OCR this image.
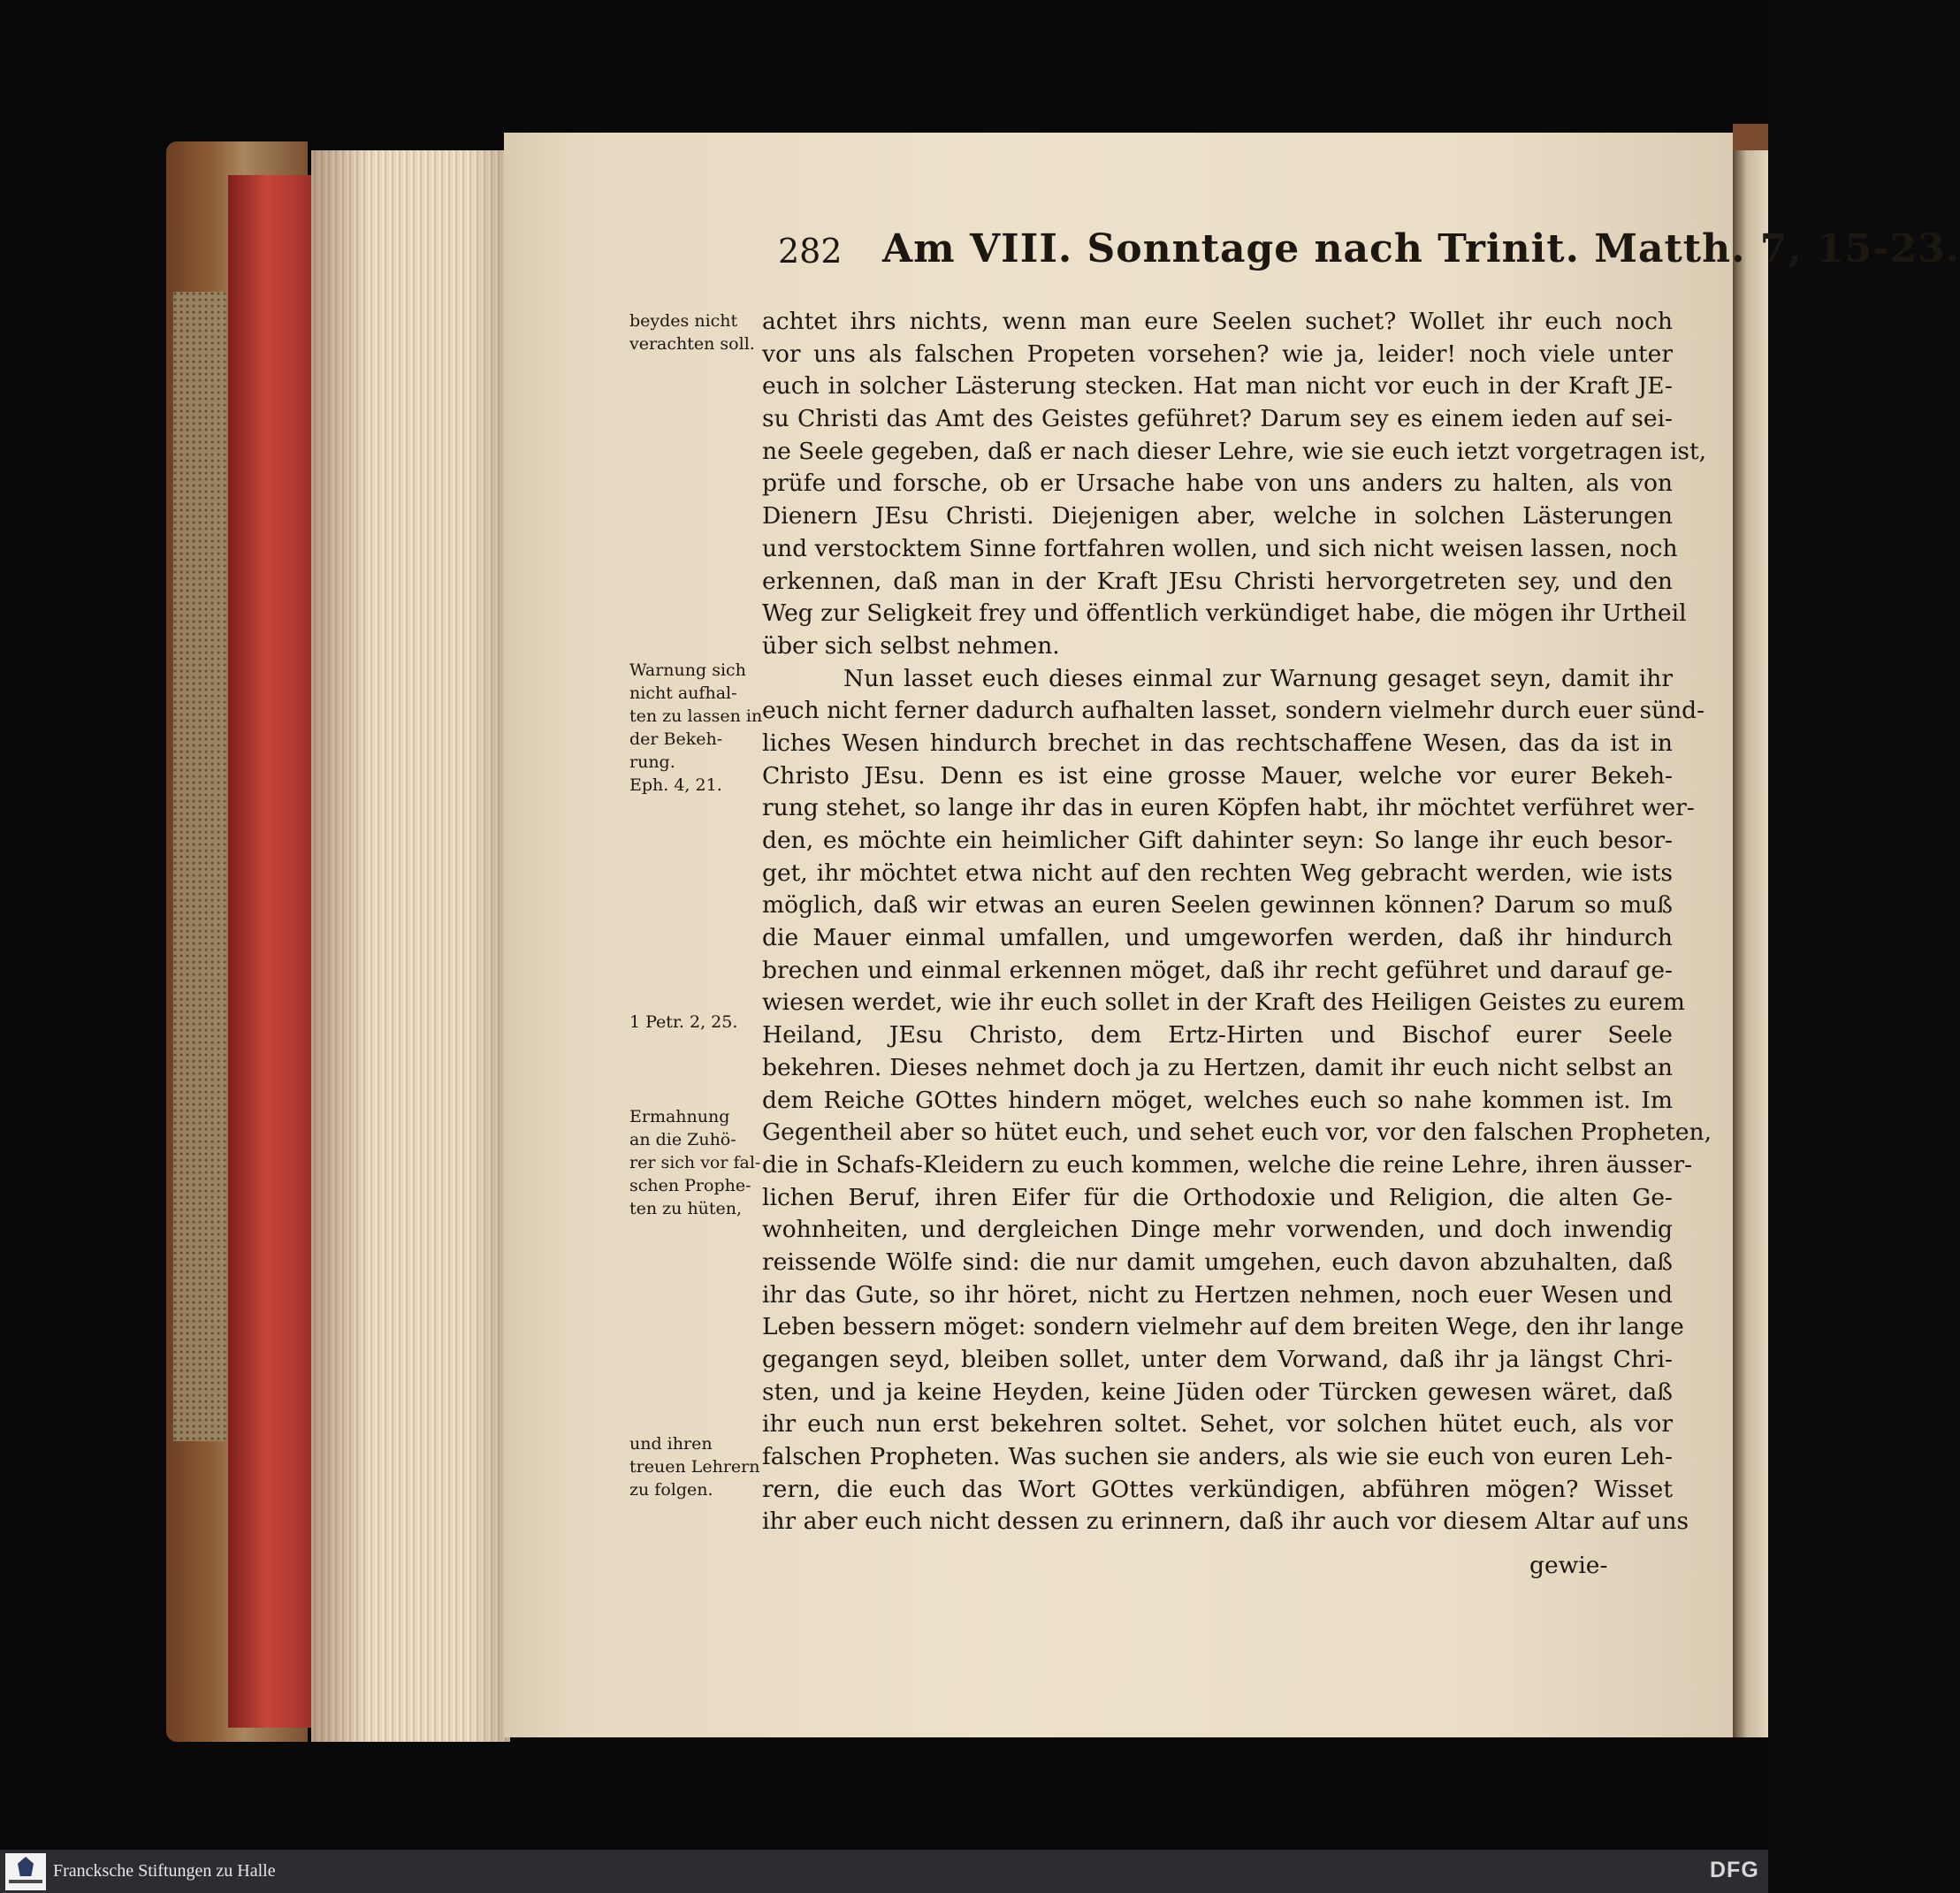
282 Am VIII. Sonntage nach Trinit. Matth. 7, 15-23.
achtet ihrs nichts, wenn man eure Seelen suchet? Wollet ihr euch noch
vor uns als falschen Propeten vorsehen? wie ja, leider! noch viele unter
euch in solcher Lästerung stecken. Hat man nicht vor euch in der Kraft JE-
su Christi das Amt des Geistes geführet? Darum sey es einem ieden auf sei-
ne Seele gegeben, daß er nach dieser Lehre, wie sie euch ietzt vorgetragen ist,
prüfe und forsche, ob er Ursache habe von uns anders zu halten, als von
Dienern JEsu Christi. Diejenigen aber, welche in solchen Lästerungen
und verstocktem Sinne fortfahren wollen, und sich nicht weisen lassen, noch
erkennen, daß man in der Kraft JEsu Christi hervorgetreten sey, und den
Weg zur Seligkeit frey und öffentlich verkündiget habe, die mögen ihr Urtheil
über sich selbst nehmen.
Nun lasset euch dieses einmal zur Warnung gesaget seyn, damit ihr
euch nicht ferner dadurch aufhalten lasset, sondern vielmehr durch euer sünd-
liches Wesen hindurch brechet in das rechtschaffene Wesen, das da ist in
Christo JEsu. Denn es ist eine grosse Mauer, welche vor eurer Bekeh-
rung stehet, so lange ihr das in euren Köpfen habt, ihr möchtet verführet wer-
den, es möchte ein heimlicher Gift dahinter seyn: So lange ihr euch besor-
get, ihr möchtet etwa nicht auf den rechten Weg gebracht werden, wie ists
möglich, daß wir etwas an euren Seelen gewinnen können? Darum so muß
die Mauer einmal umfallen, und umgeworfen werden, daß ihr hindurch
brechen und einmal erkennen möget, daß ihr recht geführet und darauf ge-
wiesen werdet, wie ihr euch sollet in der Kraft des Heiligen Geistes zu eurem
Heiland, JEsu Christo, dem Ertz-Hirten und Bischof eurer Seele
bekehren. Dieses nehmet doch ja zu Hertzen, damit ihr euch nicht selbst an
dem Reiche GOttes hindern möget, welches euch so nahe kommen ist. Im
Gegentheil aber so hütet euch, und sehet euch vor, vor den falschen Propheten,
die in Schafs-Kleidern zu euch kommen, welche die reine Lehre, ihren äusser-
lichen Beruf, ihren Eifer für die Orthodoxie und Religion, die alten Ge-
wohnheiten, und dergleichen Dinge mehr vorwenden, und doch inwendig
reissende Wölfe sind: die nur damit umgehen, euch davon abzuhalten, daß
ihr das Gute, so ihr höret, nicht zu Hertzen nehmen, noch euer Wesen und
Leben bessern möget: sondern vielmehr auf dem breiten Wege, den ihr lange
gegangen seyd, bleiben sollet, unter dem Vorwand, daß ihr ja längst Chri-
sten, und ja keine Heyden, keine Jüden oder Türcken gewesen wäret, daß
ihr euch nun erst bekehren soltet. Sehet, vor solchen hütet euch, als vor
falschen Propheten. Was suchen sie anders, als wie sie euch von euren Leh-
rern, die euch das Wort GOttes verkündigen, abführen mögen? Wisset
ihr aber euch nicht dessen zu erinnern, daß ihr auch vor diesem Altar auf uns
gewie-
beydes nicht
verachten soll.
Warnung sich
nicht aufhal-
ten zu lassen in
der Bekeh-
rung.
Eph. 4, 21.
1 Petr. 2, 25.
Ermahnung
an die Zuhö-
rer sich vor fal-
schen Prophe-
ten zu hüten,
und ihren
treuen Lehrern
zu folgen.
Francksche Stiftungen zu Halle	DFG
